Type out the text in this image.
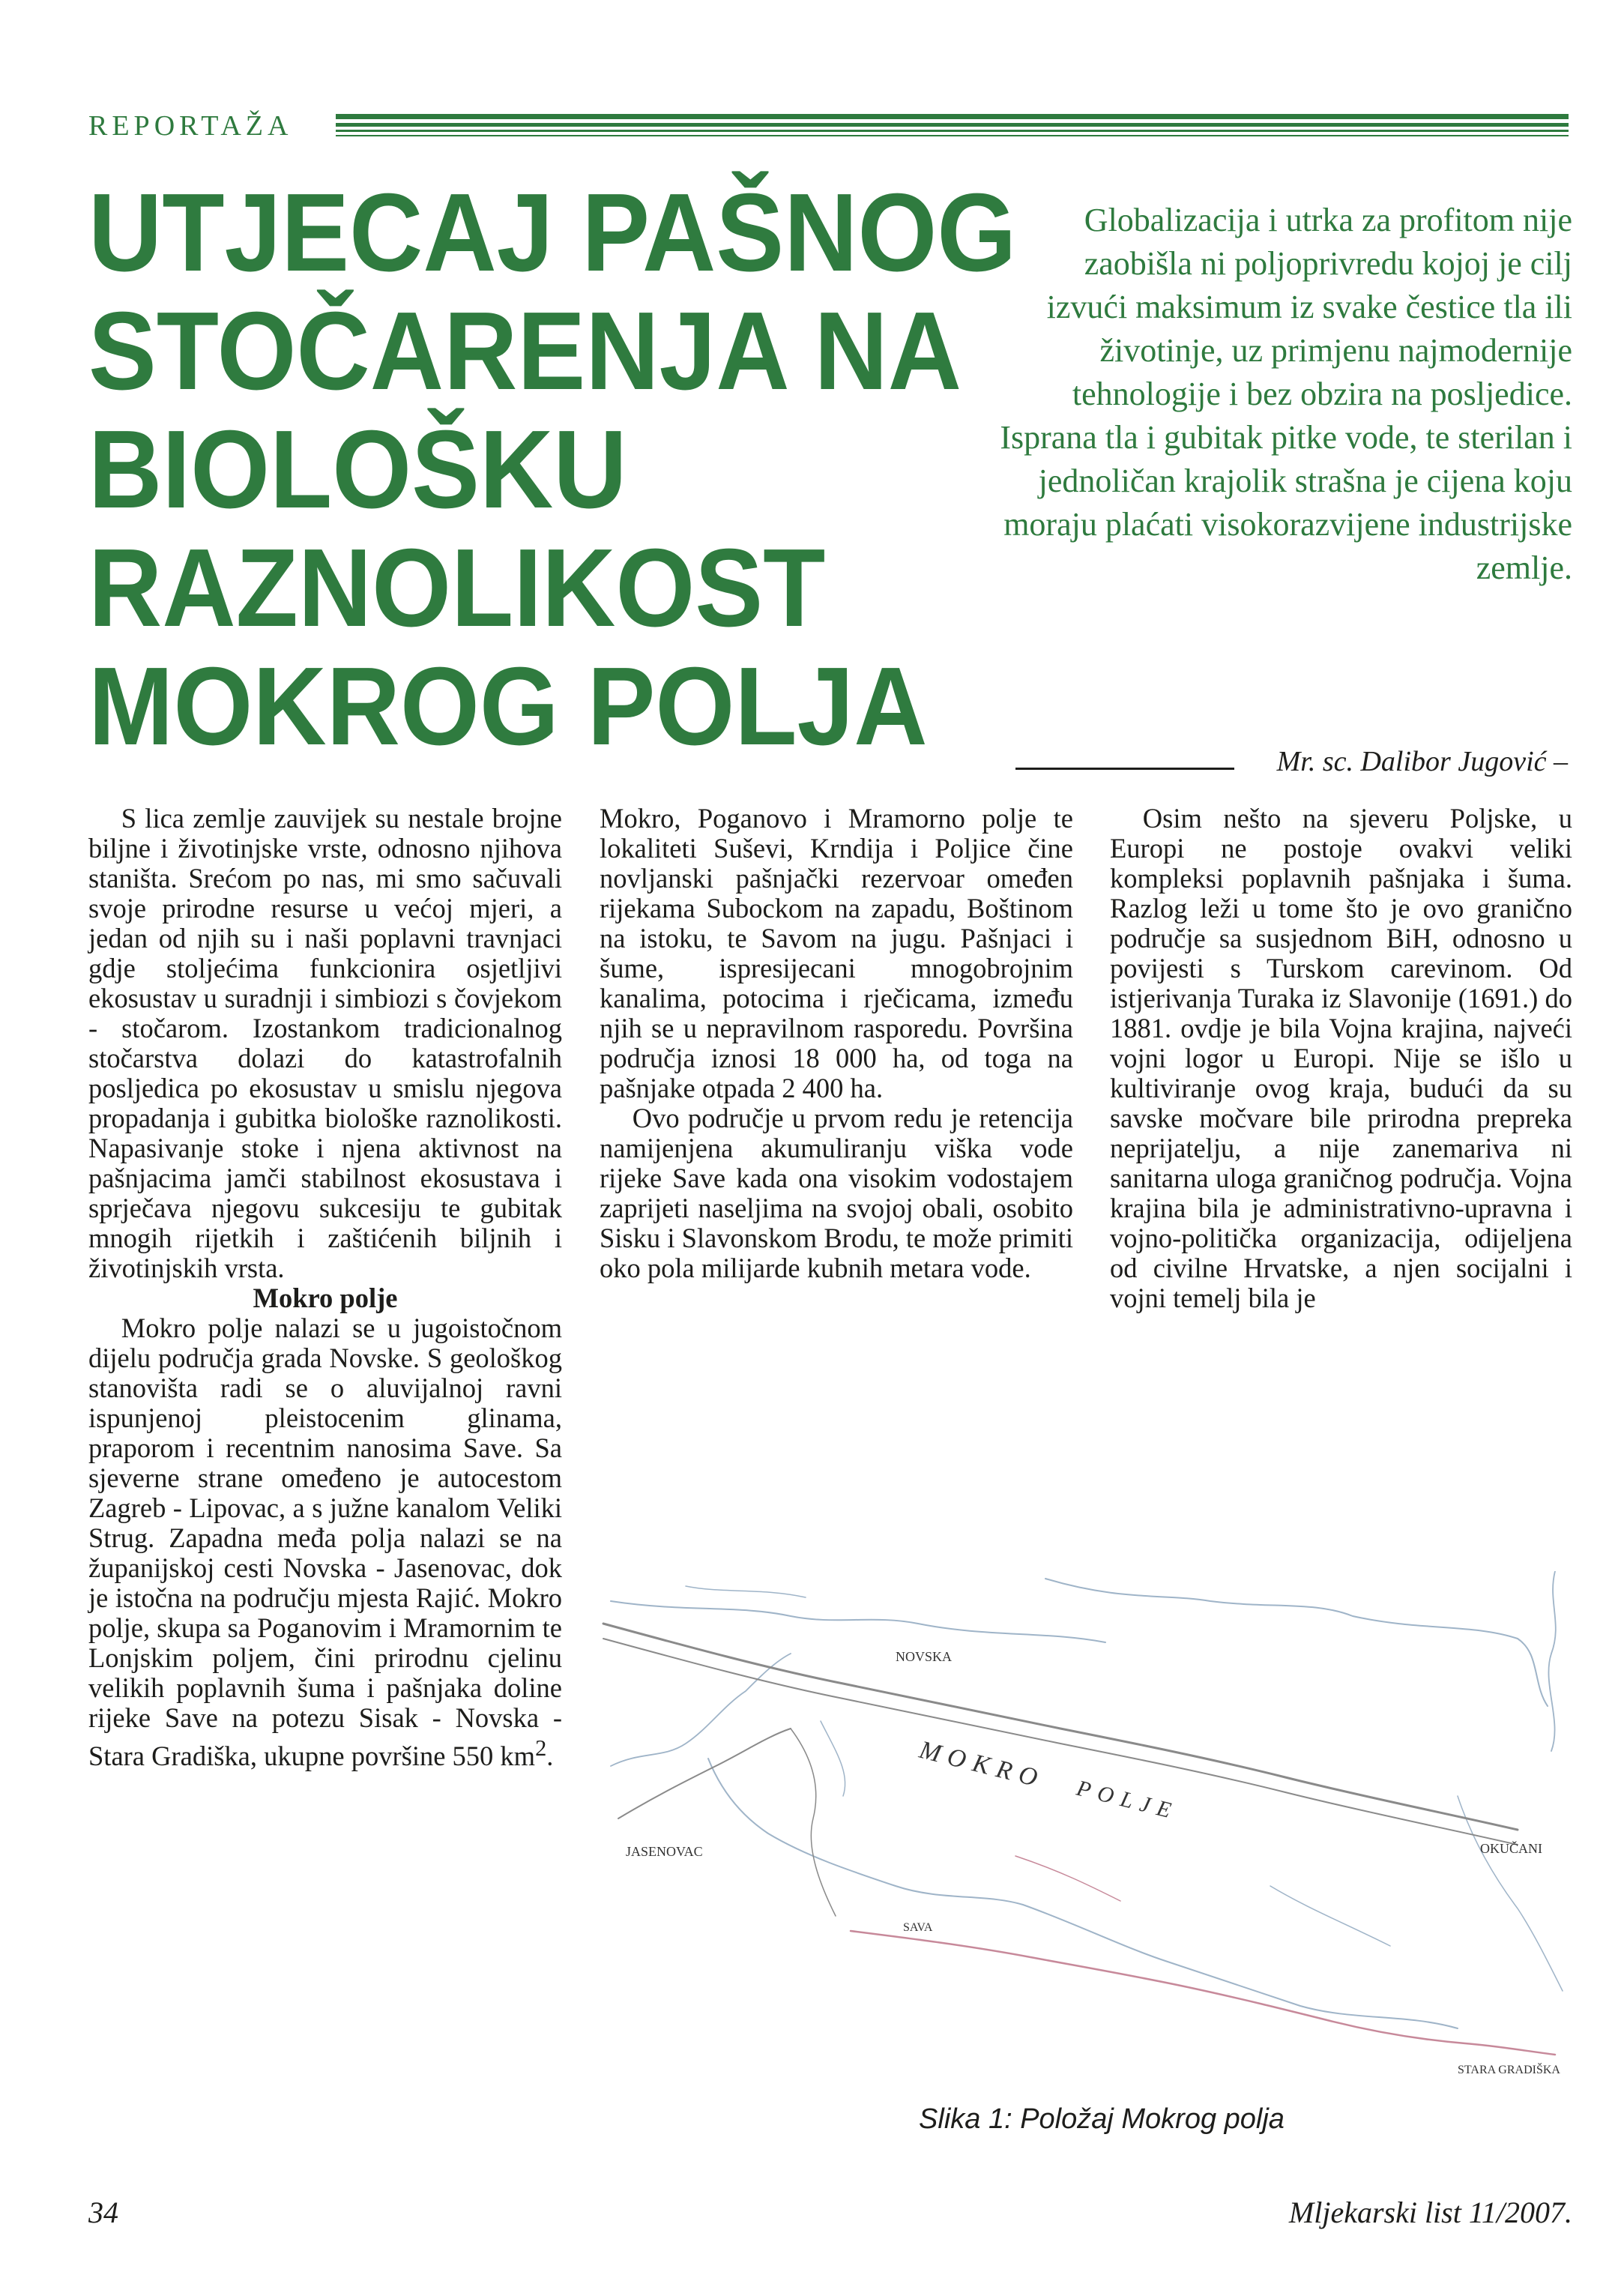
REPORTAŽA
UTJECAJ PAŠNOG
STOČARENJA NA
BIOLOŠKU
RAZNOLIKOST
MOKROG POLJA
Globalizacija i utrka za profitom nije zaobišla ni poljoprivredu kojoj je cilj izvući maksimum iz svake čestice tla ili životinje, uz primjenu najmodernije tehnologije i bez obzira na posljedice. Isprana tla i gubitak pitke vode, te sterilan i jednoličan krajolik strašna je cijena koju moraju plaćati visokorazvijene industrijske zemlje.
Mr. sc. Dalibor Jugović –

S lica zemlje zauvijek su nestale brojne biljne i životinjske vrste, odnosno njihova staništa. Srećom po nas, mi smo sačuvali svoje prirodne resurse u većoj mjeri, a jedan od njih su i naši poplavni travnjaci gdje stoljećima funkcionira osjetljivi ekosustav u suradnji i simbiozi s čovjekom - stočarom. Izostankom tradicionalnog stočarstva dolazi do katastrofalnih posljedica po ekosustav u smislu njegova propadanja i gubitka biološke raznolikosti. Napasivanje stoke i njena aktivnost na pašnjacima jamči stabilnost ekosustava i sprječava njegovu sukcesiju te gubitak mnogih rijetkih i zaštićenih biljnih i životinjskih vrsta.

Mokro polje

Mokro polje nalazi se u jugoistočnom dijelu područja grada Novske. S geološkog stanovišta radi se o aluvijalnoj ravni ispunjenoj pleistocenim glinama, praporom i recentnim nanosima Save. Sa sjeverne strane omeđeno je autocestom Zagreb - Lipovac, a s južne kanalom Veliki Strug. Zapadna međa polja nalazi se na županijskoj cesti Novska - Jasenovac, dok je istočna na području mjesta Rajić. Mokro polje, skupa sa Poganovim i Mramornim te Lonjskim poljem, čini prirodnu cjelinu velikih poplavnih šuma i pašnjaka doline rijeke Save na potezu Sisak - Novska - Stara Gradiška, ukupne površine 550 $km^2$.

Mokro, Poganovo i Mramorno polje te lokaliteti Suševi, Krndija i Poljice čine novljanski pašnjački rezervoar omeđen rijekama Subockom na zapadu, Boštinom na istoku, te Savom na jugu. Pašnjaci i šume, ispresijecani mnogobrojnim kanalima, potocima i rječicama, između njih se u nepravilnom rasporedu. Površina područja iznosi 18 000 ha, od toga na pašnjake otpada 2 400 ha.

Ovo područje u prvom redu je retencija namijenjena akumuliranju viška vode rijeke Save kada ona visokim vodostajem zaprijeti naseljima na svojoj obali, osobito Sisku i Slavonskom Brodu, te može primiti oko pola milijarde kubnih metara vode.

Osim nešto na sjeveru Poljske, u Europi ne postoje ovakvi veliki kompleksi poplavnih pašnjaka i šuma. Razlog leži u tome što je ovo granično područje sa susjednom BiH, odnosno u povijesti s Turskom carevinom. Od istjerivanja Turaka iz Slavonije (1691.) do 1881. ovdje je bila Vojna krajina, najveći vojni logor u Europi. Nije se išlo u kultiviranje ovog kraja, budući da su savske močvare bile prirodna prepreka neprijatelju, a nije zanemariva ni sanitarna uloga graničnog područja. Vojna krajina bila je administrativno-upravna i vojno-politička organizacija, odijeljena od civilne Hrvatske, a njen socijalni i vojni temelj bila je

NOVSKA
JASENOVAC	OKUČANI
STARA GRADIŠKA
SAVA
MOKRO
POLJE
Slika 1: Položaj Mokrog polja
34	Mljekarski list 11/2007.
